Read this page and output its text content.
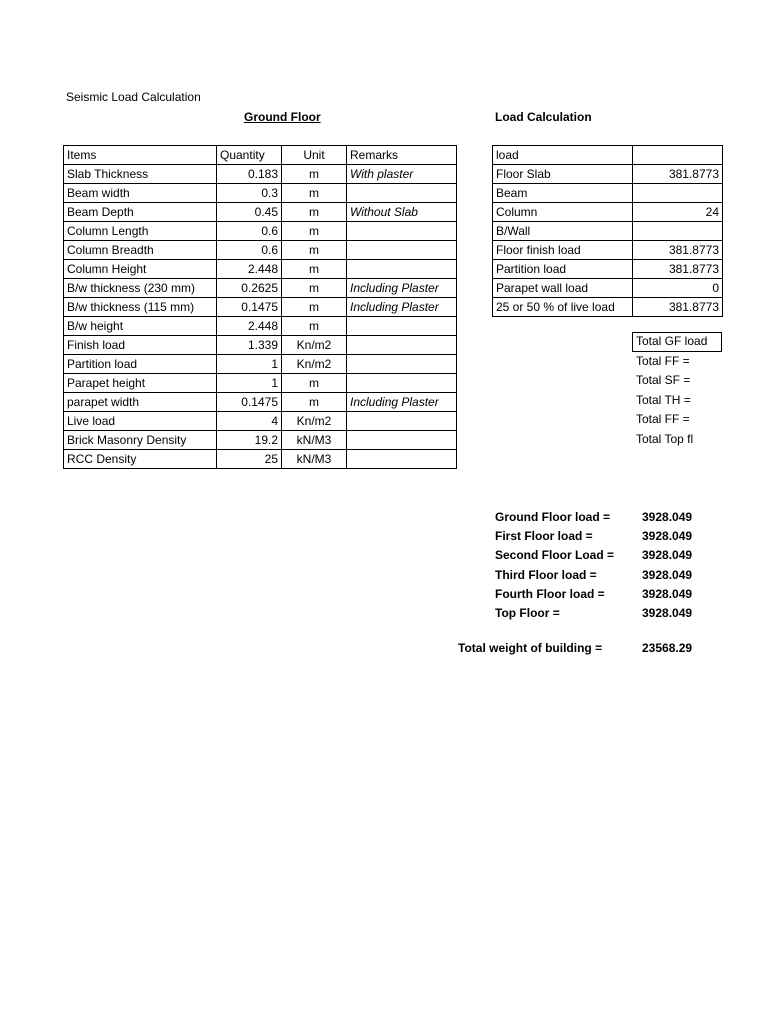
Seismic Load Calculation
Ground Floor	Load Calculation
Items	Quantity	Unit	Remarks
Slab Thickness	0.183	m	With plaster
Beam width	0.3	m	
Beam Depth	0.45	m	Without Slab
Column Length	0.6	m	
Column Breadth	0.6	m	
Column Height	2.448	m	
B/w thickness (230 mm)	0.2625	m	Including Plaster
B/w thickness (115 mm)	0.1475	m	Including Plaster
B/w height	2.448	m	
Finish load	1.339	Kn/m2	
Partition load	1	Kn/m2	
Parapet height	1	m	
parapet width	0.1475	m	Including Plaster
Live load	4	Kn/m2	
Brick Masonry Density	19.2	kN/M3	
RCC Density	25	kN/M3	
load	
Floor Slab	381.8773
Beam	
Column	24
B/Wall	
Floor finish load	381.8773
Partition load	381.8773
Parapet wall load	0
25 or 50 % of live load	381.8773
Total GF load
Total FF =
Total SF =
Total TH =
Total FF =
Total Top fl
Ground Floor load =	3928.049
First Floor load =	3928.049
Second Floor Load = 3928.049
Third Floor load =	3928.049
Fourth Floor load =	3928.049
Top Floor =	3928.049
Total weight of building =	23568.29
